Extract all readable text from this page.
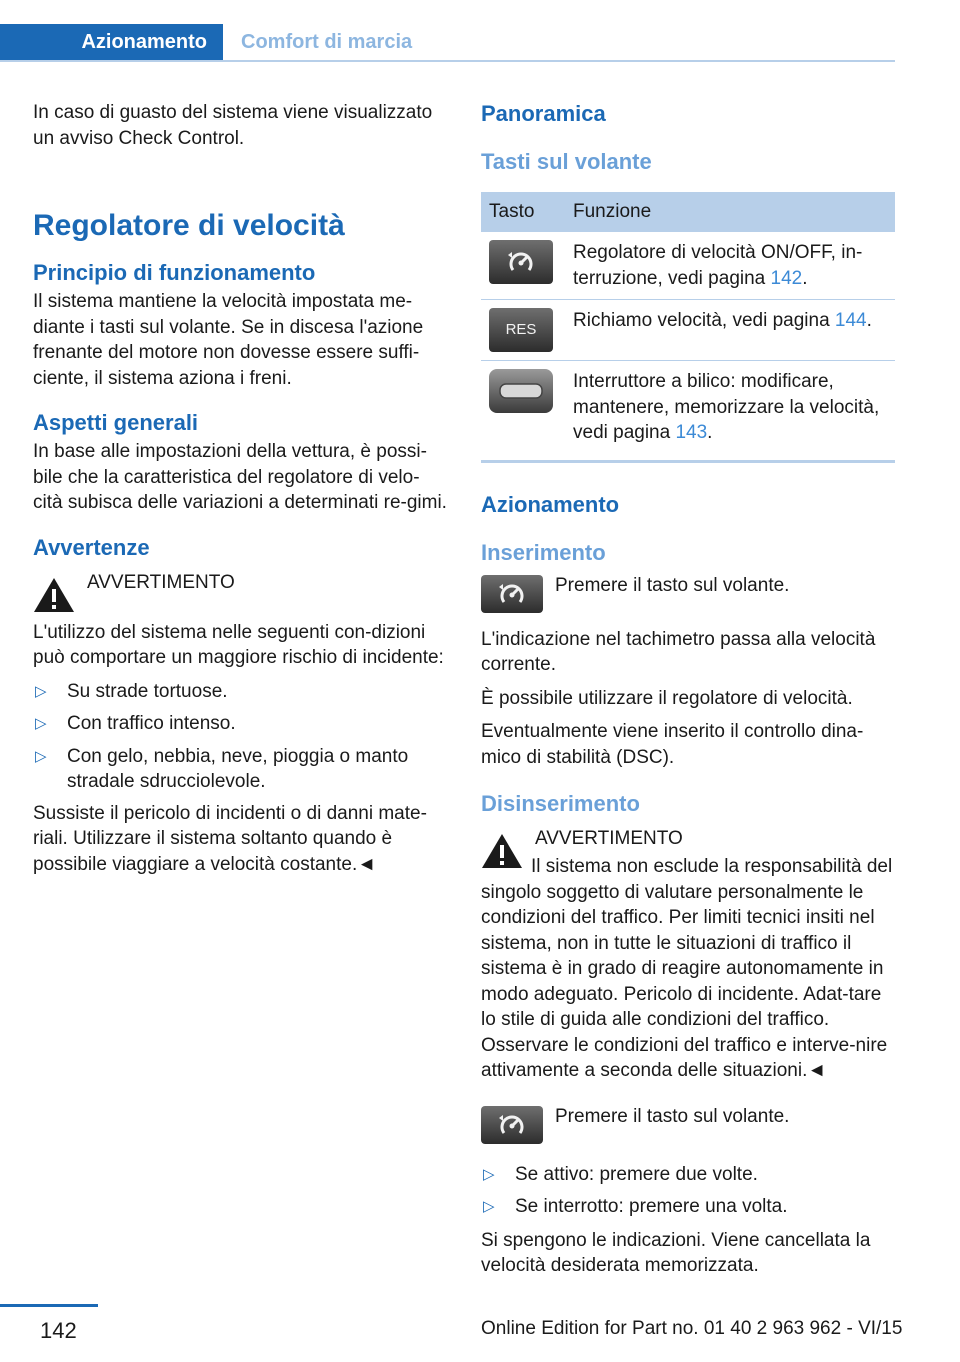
Azionamento	Comfort di marcia

In caso di guasto del sistema viene visualizzato un avviso Check Control.

Regolatore di velocità
Principio di funzionamento

Il sistema mantiene la velocità impostata me-diante i tasti sul volante. Se in discesa l'azione frenante del motore non dovesse essere suffi-ciente, il sistema aziona i freni.

Aspetti generali

In base alle impostazioni della vettura, è possi-bile che la caratteristica del regolatore di velo-cità subisca delle variazioni a determinati re-gimi.

Avvertenze

AVVERTIMENTO

L'utilizzo del sistema nelle seguenti con-dizioni può comportare un maggiore rischio di incidente:

▷ Su strade tortuose.
▷ Con traffico intenso.
▷ Con gelo, nebbia, neve, pioggia o manto stradale sdrucciolevole.

Sussiste il pericolo di incidenti o di danni mate-riali. Utilizzare il sistema soltanto quando è possibile viaggiare a velocità costante.◄

Panoramica
Tasti sul volante
Tasto	Funzione

	Regolatore di velocità ON/OFF, in-terruzione, vedi pagina 142.

RES	Richiamo velocità, vedi pagina 144.

	Interruttore a bilico: modificare, mantenere, memorizzare la velocità, vedi pagina 143.
Azionamento
Inserimento

Premere il tasto sul volante.

L'indicazione nel tachimetro passa alla velocità corrente.

È possibile utilizzare il regolatore di velocità.

Eventualmente viene inserito il controllo dina-mico di stabilità (DSC).

Disinserimento

AVVERTIMENTO

Il sistema non esclude la responsabilità del singolo soggetto di valutare personalmente le condizioni del traffico. Per limiti tecnici insiti nel sistema, non in tutte le situazioni di traffico il sistema è in grado di reagire autonomamente in modo adeguato. Pericolo di incidente. Adat-tare lo stile di guida alle condizioni del traffico. Osservare le condizioni del traffico e interve-nire attivamente a seconda delle situazioni.◄

Premere il tasto sul volante.

▷ Se attivo: premere due volte.
▷ Se interrotto: premere una volta.

Si spengono le indicazioni. Viene cancellata la velocità desiderata memorizzata.

142	Online Edition for Part no. 01 40 2 963 962 - VI/15
